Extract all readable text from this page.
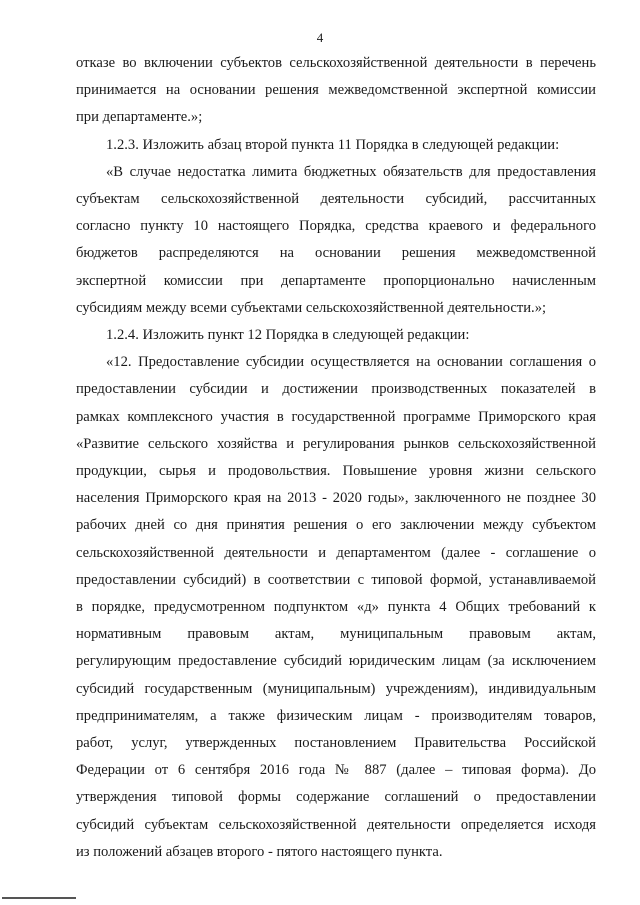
4

отказе во включении субъектов сельскохозяйственной деятельности в перечень
принимается на основании решения межведомственной экспертной комиссии
при департаменте.»;

1.2.3. Изложить абзац второй пункта 11 Порядка в следующей редакции:

«В случае недостатка лимита бюджетных обязательств для предоставления
субъектам сельскохозяйственной деятельности субсидий, рассчитанных
согласно пункту 10 настоящего Порядка, средства краевого и федерального
бюджетов распределяются на основании решения межведомственной
экспертной комиссии при департаменте пропорционально начисленным
субсидиям между всеми субъектами сельскохозяйственной деятельности.»;

1.2.4. Изложить пункт 12 Порядка в следующей редакции:

«12. Предоставление субсидии осуществляется на основании соглашения о
предоставлении субсидии и достижении производственных показателей в
рамках комплексного участия в государственной программе Приморского края
«Развитие сельского хозяйства и регулирования рынков сельскохозяйственной
продукции, сырья и продовольствия. Повышение уровня жизни сельского
населения Приморского края на 2013 - 2020 годы», заключенного не позднее 30
рабочих дней со дня принятия решения о его заключении между субъектом
сельскохозяйственной деятельности и департаментом (далее - соглашение о
предоставлении субсидий) в соответствии с типовой формой, устанавливаемой
в порядке, предусмотренном подпунктом «д» пункта 4 Общих требований к
нормативным правовым актам, муниципальным правовым актам,
регулирующим предоставление субсидий юридическим лицам (за исключением
субсидий государственным (муниципальным) учреждениям), индивидуальным
предпринимателям, а также физическим лицам - производителям товаров,
работ, услуг, утвержденных постановлением Правительства Российской
Федерации от 6 сентября 2016 года № 887 (далее – типовая форма). До
утверждения типовой формы содержание соглашений о предоставлении
субсидий субъектам сельскохозяйственной деятельности определяется исходя
из положений абзацев второго - пятого настоящего пункта.
